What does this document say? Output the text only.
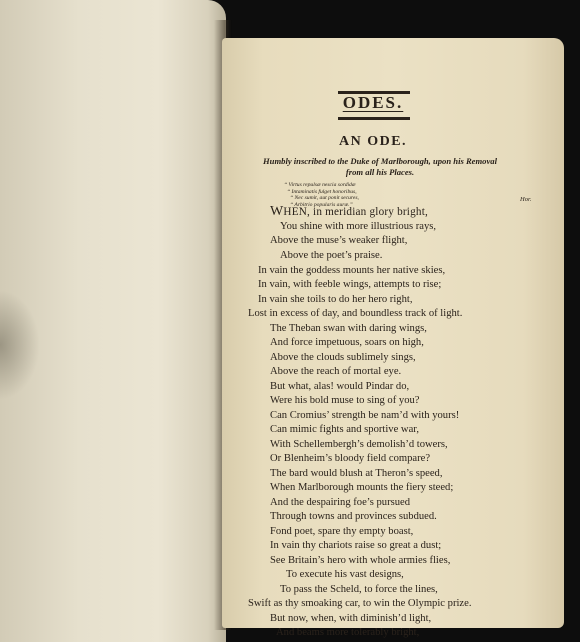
ODES.
AN ODE.
Humbly inscribed to the Duke of Marlborough, upon his Removal
from all his Places.
“ Virtus repulsæ nescia sordidæ
“ Intaminatis fulget honoribus,
“ Nec sumit, aut ponit secures,
“ Arbitrio popularis auræ.”
Hor.
WHEN, in meridian glory bright,
You shine with more illustrious rays,
Above the muse’s weaker flight,
Above the poet’s praise.
In vain the goddess mounts her native skies,
In vain, with feeble wings, attempts to rise;
In vain she toils to do her hero right,
Lost in excess of day, and boundless track of light.
The Theban swan with daring wings,
And force impetuous, soars on high,
Above the clouds sublimely sings,
Above the reach of mortal eye.
But what, alas! would Pindar do,
Were his bold muse to sing of you?
Can Cromius’ strength be nam’d with yours!
Can mimic fights and sportive war,
With Schellembergh’s demolish’d towers,
Or Blenheim’s bloody field compare?
The bard would blush at Theron’s speed,
When Marlborough mounts the fiery steed;
And the despairing foe’s pursued
Through towns and provinces subdued.
Fond poet, spare thy empty boast,
In vain thy chariots raise so great a dust;
See Britain’s hero with whole armies flies,
To execute his vast designs,
To pass the Scheld, to force the lines,
Swift as thy smoaking car, to win the Olympic prize.
But now, when, with diminish’d light,
And beams more tolerably bright,
